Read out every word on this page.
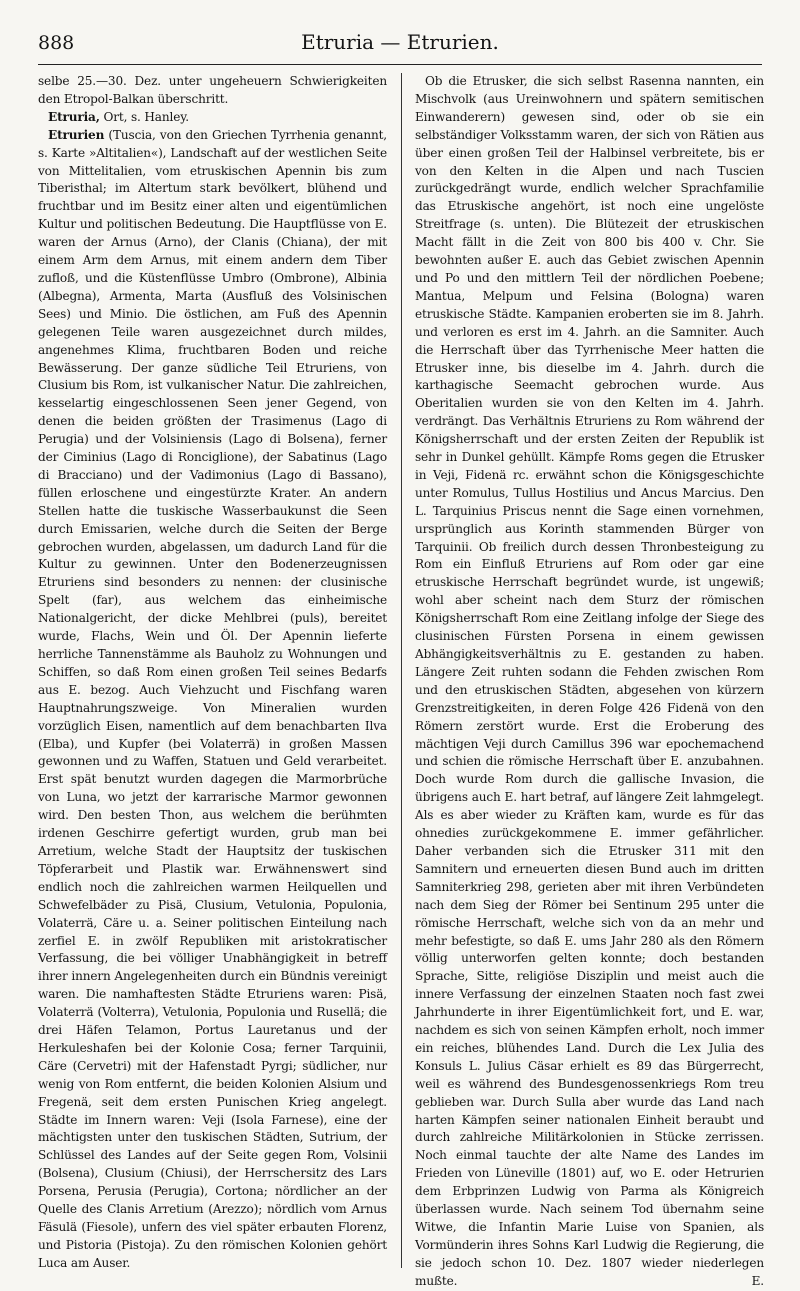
888	Etruria — Etrurien.

selbe 25.—30. Dez. unter ungeheuern Schwierigkeiten den Etropol-Balkan überschritt.

Etruria, Ort, s. Hanley.

Etrurien (Tuscia, von den Griechen Tyrrhenia genannt, s. Karte »Altitalien«), Landschaft auf der westlichen Seite von Mittelitalien, vom etruskischen Apennin bis zum Tiberisthal; im Altertum stark bevölkert, blühend und fruchtbar und im Besitz einer alten und eigentümlichen Kultur und politischen Bedeutung. Die Hauptflüsse von E. waren der Arnus (Arno), der Clanis (Chiana), der mit einem Arm dem Arnus, mit einem andern dem Tiber zufloß, und die Küstenflüsse Umbro (Ombrone), Albinia (Albegna), Armenta, Marta (Ausfluß des Volsinischen Sees) und Minio. Die östlichen, am Fuß des Apennin gelegenen Teile waren ausgezeichnet durch mildes, angenehmes Klima, fruchtbaren Boden und reiche Bewässerung. Der ganze südliche Teil Etruriens, von Clusium bis Rom, ist vulkanischer Natur. Die zahlreichen, kesselartig eingeschlossenen Seen jener Gegend, von denen die beiden größten der Trasimenus (Lago di Perugia) und der Volsiniensis (Lago di Bolsena), ferner der Ciminius (Lago di Ronciglione), der Sabatinus (Lago di Bracciano) und der Vadimonius (Lago di Bassano), füllen erloschene und eingestürzte Krater. An andern Stellen hatte die tuskische Wasserbaukunst die Seen durch Emissarien, welche durch die Seiten der Berge gebrochen wurden, abgelassen, um dadurch Land für die Kultur zu gewinnen. Unter den Bodenerzeugnissen Etruriens sind besonders zu nennen: der clusinische Spelt (far), aus welchem das einheimische Nationalgericht, der dicke Mehlbrei (puls), bereitet wurde, Flachs, Wein und Öl. Der Apennin lieferte herrliche Tannenstämme als Bauholz zu Wohnungen und Schiffen, so daß Rom einen großen Teil seines Bedarfs aus E. bezog. Auch Viehzucht und Fischfang waren Hauptnahrungszweige. Von Mineralien wurden vorzüglich Eisen, namentlich auf dem benachbarten Ilva (Elba), und Kupfer (bei Volaterrä) in großen Massen gewonnen und zu Waffen, Statuen und Geld verarbeitet. Erst spät benutzt wurden dagegen die Marmorbrüche von Luna, wo jetzt der karrarische Marmor gewonnen wird. Den besten Thon, aus welchem die berühmten irdenen Geschirre gefertigt wurden, grub man bei Arretium, welche Stadt der Hauptsitz der tuskischen Töpferarbeit und Plastik war. Erwähnenswert sind endlich noch die zahlreichen warmen Heilquellen und Schwefelbäder zu Pisä, Clusium, Vetulonia, Populonia, Volaterrä, Cäre u. a. Seiner politischen Einteilung nach zerfiel E. in zwölf Republiken mit aristokratischer Verfassung, die bei völliger Unabhängigkeit in betreff ihrer innern Angelegenheiten durch ein Bündnis vereinigt waren. Die namhaftesten Städte Etruriens waren: Pisä, Volaterrä (Volterra), Vetulonia, Populonia und Rusellä; die drei Häfen Telamon, Portus Lauretanus und der Herkuleshafen bei der Kolonie Cosa; ferner Tarquinii, Cäre (Cervetri) mit der Hafenstadt Pyrgi; südlicher, nur wenig von Rom entfernt, die beiden Kolonien Alsium und Fregenä, seit dem ersten Punischen Krieg angelegt. Städte im Innern waren: Veji (Isola Farnese), eine der mächtigsten unter den tuskischen Städten, Sutrium, der Schlüssel des Landes auf der Seite gegen Rom, Volsinii (Bolsena), Clusium (Chiusi), der Herrschersitz des Lars Porsena, Perusia (Perugia), Cortona; nördlicher an der Quelle des Clanis Arretium (Arezzo); nördlich vom Arnus Fäsulä (Fiesole), unfern des viel später erbauten Florenz, und Pistoria (Pistoja). Zu den römischen Kolonien gehört Luca am Auser.

Ob die Etrusker, die sich selbst Rasenna nannten, ein Mischvolk (aus Ureinwohnern und spätern semitischen Einwanderern) gewesen sind, oder ob sie ein selbständiger Volksstamm waren, der sich von Rätien aus über einen großen Teil der Halbinsel verbreitete, bis er von den Kelten in die Alpen und nach Tuscien zurückgedrängt wurde, endlich welcher Sprachfamilie das Etruskische angehört, ist noch eine ungelöste Streitfrage (s. unten). Die Blütezeit der etruskischen Macht fällt in die Zeit von 800 bis 400 v. Chr. Sie bewohnten außer E. auch das Gebiet zwischen Apennin und Po und den mittlern Teil der nördlichen Poebene; Mantua, Melpum und Felsina (Bologna) waren etruskische Städte. Kampanien eroberten sie im 8. Jahrh. und verloren es erst im 4. Jahrh. an die Samniter. Auch die Herrschaft über das Tyrrhenische Meer hatten die Etrusker inne, bis dieselbe im 4. Jahrh. durch die karthagische Seemacht gebrochen wurde. Aus Oberitalien wurden sie von den Kelten im 4. Jahrh. verdrängt. Das Verhältnis Etruriens zu Rom während der Königsherrschaft und der ersten Zeiten der Republik ist sehr in Dunkel gehüllt. Kämpfe Roms gegen die Etrusker in Veji, Fidenä rc. erwähnt schon die Königsgeschichte unter Romulus, Tullus Hostilius und Ancus Marcius. Den L. Tarquinius Priscus nennt die Sage einen vornehmen, ursprünglich aus Korinth stammenden Bürger von Tarquinii. Ob freilich durch dessen Thronbesteigung zu Rom ein Einfluß Etruriens auf Rom oder gar eine etruskische Herrschaft begründet wurde, ist ungewiß; wohl aber scheint nach dem Sturz der römischen Königsherrschaft Rom eine Zeitlang infolge der Siege des clusinischen Fürsten Porsena in einem gewissen Abhängigkeitsverhältnis zu E. gestanden zu haben. Längere Zeit ruhten sodann die Fehden zwischen Rom und den etruskischen Städten, abgesehen von kürzern Grenzstreitigkeiten, in deren Folge 426 Fidenä von den Römern zerstört wurde. Erst die Eroberung des mächtigen Veji durch Camillus 396 war epochemachend und schien die römische Herrschaft über E. anzubahnen. Doch wurde Rom durch die gallische Invasion, die übrigens auch E. hart betraf, auf längere Zeit lahmgelegt. Als es aber wieder zu Kräften kam, wurde es für das ohnedies zurückgekommene E. immer gefährlicher. Daher verbanden sich die Etrusker 311 mit den Samnitern und erneuerten diesen Bund auch im dritten Samniterkrieg 298, gerieten aber mit ihren Verbündeten nach dem Sieg der Römer bei Sentinum 295 unter die römische Herrschaft, welche sich von da an mehr und mehr befestigte, so daß E. ums Jahr 280 als den Römern völlig unterworfen gelten konnte; doch bestanden Sprache, Sitte, religiöse Disziplin und meist auch die innere Verfassung der einzelnen Staaten noch fast zwei Jahrhunderte in ihrer Eigentümlichkeit fort, und E. war, nachdem es sich von seinen Kämpfen erholt, noch immer ein reiches, blühendes Land. Durch die Lex Julia des Konsuls L. Julius Cäsar erhielt es 89 das Bürgerrecht, weil es während des Bundesgenossenkriegs Rom treu geblieben war. Durch Sulla aber wurde das Land nach harten Kämpfen seiner nationalen Einheit beraubt und durch zahlreiche Militärkolonien in Stücke zerrissen. Noch einmal tauchte der alte Name des Landes im Frieden von Lüneville (1801) auf, wo E. oder Hetrurien dem Erbprinzen Ludwig von Parma als Königreich überlassen wurde. Nach seinem Tod übernahm seine Witwe, die Infantin Marie Luise von Spanien, als Vormünderin ihres Sohns Karl Ludwig die Regierung, die sie jedoch schon 10. Dez. 1807 wieder niederlegen mußte.	E.
